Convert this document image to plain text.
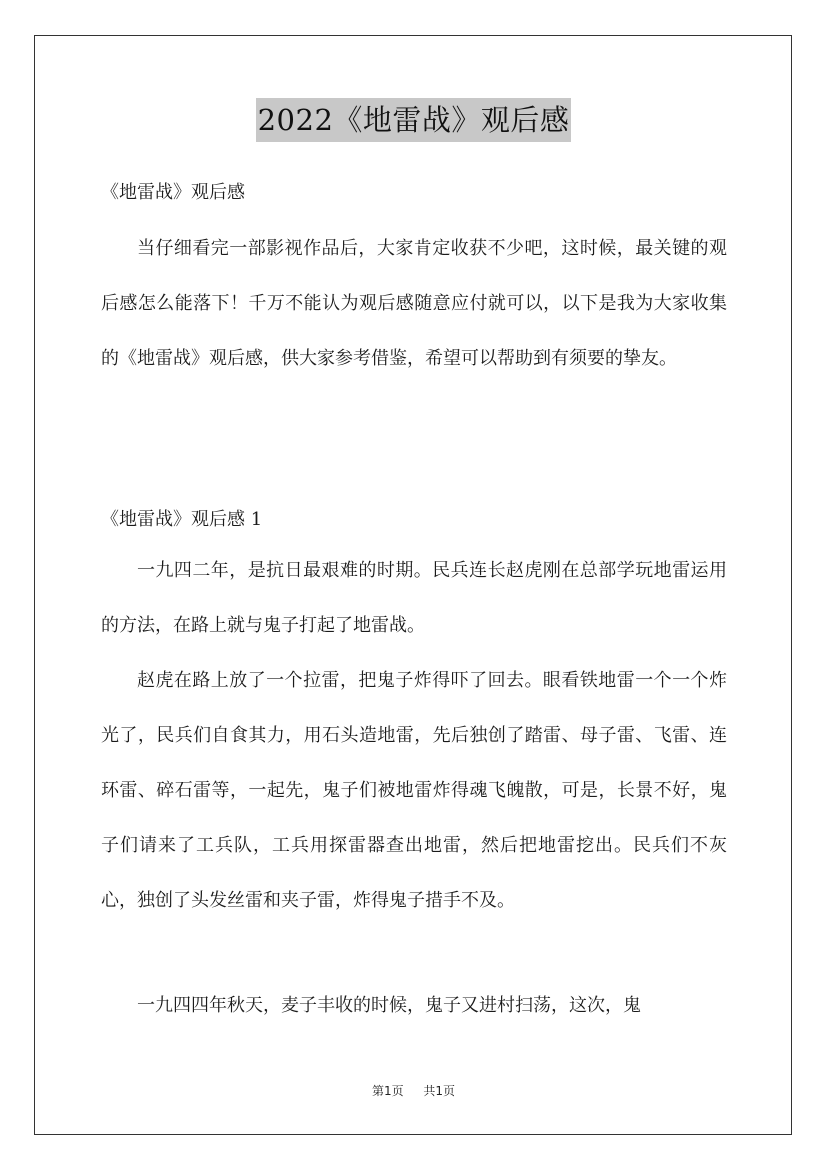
2022《地雷战》观后感
《地雷战》观后感

当仔细看完一部影视作品后，大家肯定收获不少吧，这时候，最关键的观后感怎么能落下！千万不能认为观后感随意应付就可以，以下是我为大家收集的《地雷战》观后感，供大家参考借鉴，希望可以帮助到有须要的挚友。

《地雷战》观后感 1

一九四二年，是抗日最艰难的时期。民兵连长赵虎刚在总部学玩地雷运用的方法，在路上就与鬼子打起了地雷战。

赵虎在路上放了一个拉雷，把鬼子炸得吓了回去。眼看铁地雷一个一个炸光了，民兵们自食其力，用石头造地雷，先后独创了踏雷、母子雷、飞雷、连环雷、碎石雷等，一起先，鬼子们被地雷炸得魂飞魄散，可是，长景不好，鬼子们请来了工兵队，工兵用探雷器查出地雷，然后把地雷挖出。民兵们不灰心，独创了头发丝雷和夹子雷，炸得鬼子措手不及。

一九四四年秋天，麦子丰收的时候，鬼子又进村扫荡，这次，鬼

第1页 共1页
